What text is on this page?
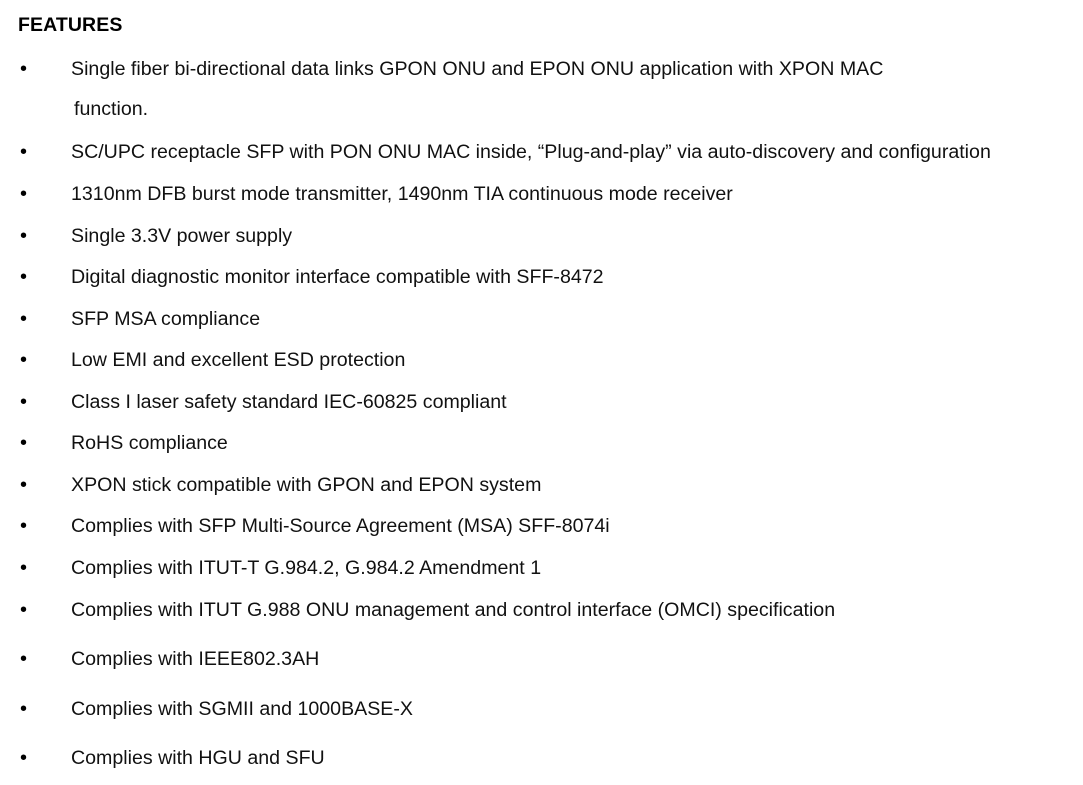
FEATURES
• Single fiber bi-directional data links GPON ONU and EPON ONU application with XPON MAC
function.
• SC/UPC receptacle SFP with PON ONU MAC inside, “Plug-and-play” via auto-discovery and configuration
• 1310nm DFB burst mode transmitter, 1490nm TIA continuous mode receiver
• Single 3.3V power supply
• Digital diagnostic monitor interface compatible with SFF-8472
• SFP MSA compliance
• Low EMI and excellent ESD protection
• Class I laser safety standard IEC-60825 compliant
• RoHS compliance
• XPON stick compatible with GPON and EPON system
• Complies with SFP Multi-Source Agreement (MSA) SFF-8074i
• Complies with ITUT-T G.984.2, G.984.2 Amendment 1
• Complies with ITUT G.988 ONU management and control interface (OMCI) specification
• Complies with IEEE802.3AH
• Complies with SGMII and 1000BASE-X
• Complies with HGU and SFU
